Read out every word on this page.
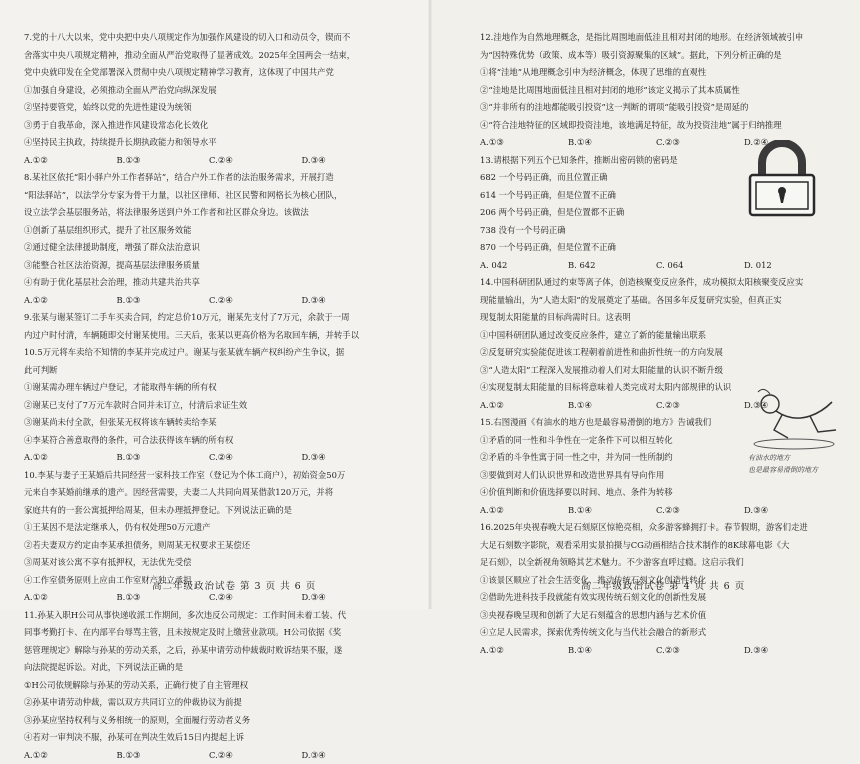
7.党的十八大以来，党中央把中央八项规定作为加强作风建设的切入口和动员令，锲而不
舍落实中央八项规定精神，推动全面从严治党取得了显著成效。2025年全国两会一结束，
党中央就印发在全党部署深入贯彻中央八项规定精神学习教育，这体现了中国共产党
①加强自身建设，必须推动全面从严治党向纵深发展
②坚持要管党，始终以党的先进性建设为统领
③勇于自我革命，深入推进作风建设常态化长效化
④坚持民主执政，持续提升长期执政能力和领导水平
A.①②	B.①③	C.②④	D.③④
8.某社区依托“阳小驿户外工作者驿站”，结合户外工作者的法治服务需求，开展打造
“阳法驿站”，以法学分专家为骨干力量，以社区律师、社区民警和网格长为核心团队，
设立法学会基层服务站，将法律服务送到户外工作者和社区群众身边。该做法
①创新了基层组织形式，提升了社区服务效能
②通过健全法律援助制度，增强了群众法治意识
③能整合社区法治资源，提高基层法律服务质量
④有助于优化基层社会治理，推动共建共治共享
A.①②	B.①③	C.②④	D.③④
9.张某与谢某签订二手车买卖合同，约定总价10万元，谢某先支付了7万元，余款于一周
内过户时付清，车辆随即交付谢某使用。三天后，张某以更高价格为名取回车辆，并转手以
10.5万元将车卖给不知情的李某并完成过户。谢某与张某就车辆产权纠纷产生争议，据
此可判断
①谢某需办理车辆过户登记，才能取得车辆的所有权
②谢某已支付了7万元车款时合同并未订立，付清后求证生效
③谢某尚未付全款，但张某无权将该车辆转卖给李某
④李某符合善意取得的条件，可合法获得该车辆的所有权
A.①②	B.①③	C.②④	D.③④
10.李某与妻子王某婚后共同经营一家科技工作室（登记为个体工商户），初始资金50万
元来自李某婚前继承的遗产。因经营需要，夫妻二人共同向周某借款120万元，并将
家庭共有的一套公寓抵押给周某，但未办理抵押登记。下列说法正确的是
①王某因不是法定继承人，仍有权处理50万元遗产
②若夫妻双方约定由李某承担债务，则周某无权要求王某偿还
③周某对该公寓不享有抵押权，无法优先受偿
④工作室债务原则上应由工作室财产独立承担
A.①②	B.①③	C.②④	D.③④
11.孙某入职H公司从事快递收派工作期间，多次违反公司规定：工作时间未着工装、代
同事考勤打卡、在内部平台辱骂主管，且未按规定及时上缴营业款项。H公司依据《奖
惩管理规定》解除与孙某的劳动关系，之后，孙某申请劳动仲裁裁时败诉结果不服，遂
向法院提起诉讼。对此，下列说法正确的是
①H公司依规解除与孙某的劳动关系，正确行使了自主管理权
②孙某申请劳动仲裁，需以双方共同订立的仲裁协议为前提
③孙某应坚持权利与义务相统一的原则，全面履行劳动者义务
④若对一审判决不服，孙某可在判决生效后15日内提起上诉
A.①②	B.①③	C.②④	D.③④
高二年级政治试卷 第 3 页 共 6 页
12.洼地作为自然地理概念，是指比周围地面低洼且相对封闭的地形。在经济领域被引申
为“因特殊优势（政策、成本等）吸引资源聚集的区域”。据此，下列分析正确的是
①将“洼地”从地理概念引申为经济概念，体现了思维的直观性
②“洼地是比周围地面低洼且相对封闭的地形”该定义揭示了其本质属性
③“并非所有的洼地都能吸引投资”这一判断的谓项“能吸引投资”是周延的
④“符合洼地特征的区域即投资洼地，该地满足特征，故为投资洼地”属于归纳推理
A.①③	B.①④	C.②③	D.②④
13.请根据下列五个已知条件，推断出密码锁的密码是
682 一个号码正确，而且位置正确
614 一个号码正确，但是位置不正确
206 两个号码正确，但是位置都不正确
738 没有一个号码正确
870 一个号码正确，但是位置不正确
A. 042	B. 642	C. 064	D. 012
14.中国科研团队通过约束等离子体，创造核聚变反应条件，成功模拟太阳核聚变反应实
现能量输出，为“人造太阳”的发展奠定了基础。各国多年反复研究实验，但真正实
现复制太阳能量的目标尚需时日。这表明
①中国科研团队通过改变反应条件，建立了新的能量输出联系
②反复研究实验能促进该工程朝着前进性和曲折性统一的方向发展
③“人造太阳”工程深入发展推动着人们对太阳能量的认识不断升级
④实现复制太阳能量的目标将意味着人类完成对太阳内部规律的认识
A.①②	B.①④	C.②③	D.③④
15.右图漫画《有油水的地方也是最容易滑倒的地方》告诫我们
①矛盾的同一性和斗争性在一定条件下可以相互转化
②矛盾的斗争性寓于同一性之中，并为同一性所制约
③要做到对人们认识世界和改造世界具有导向作用
④价值判断和价值选择要以时间、地点、条件为转移
A.①②	B.①④	C.②③	D.③④
16.2025年央视春晚大足石刻原区惊艳亮相，众多游客蜂拥打卡。春节假期，游客们走进
大足石刻数字影院，观看采用实景拍摄与CG动画相结合技术制作的8K球幕电影《大
足石刻》，以全新视角领略其艺术魅力。不少游客直呼过瘾。这启示我们
①该景区顺应了社会生活变化，推动传统石刻文化创造性转化
②借助先进科技手段就能有效实现传统石刻文化的创新性发展
③央视春晚呈现和创新了大足石刻蕴含的思想内涵与艺术价值
④立足人民需求，探索优秀传统文化与当代社会融合的新形式
A.①②	B.①④	C.②③	D.③④
高二年级政治试卷 第 4 页 共 6 页
有油水的地方
也是最容易滑倒的地方
